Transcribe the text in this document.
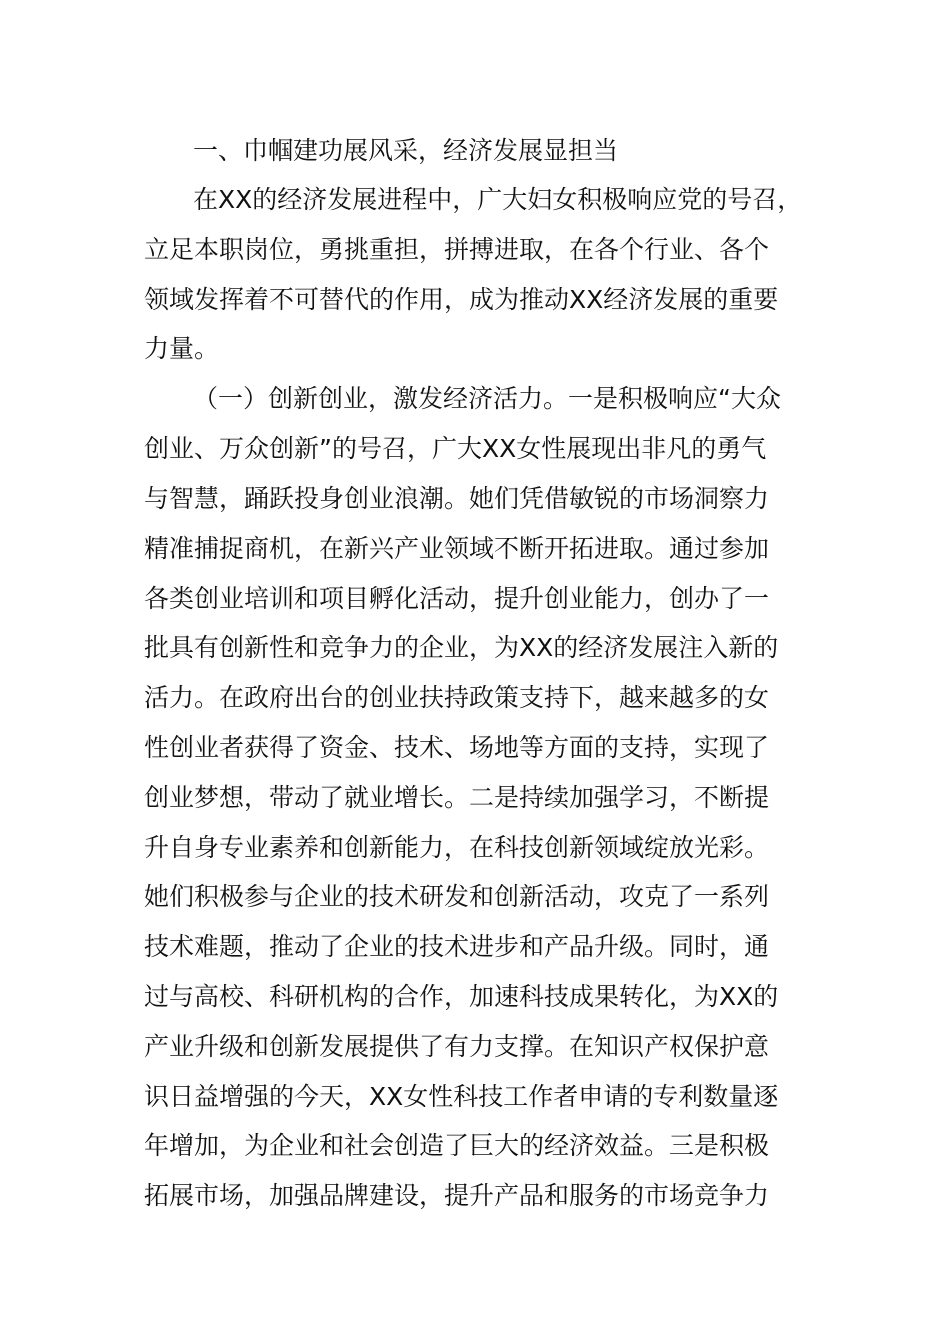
一、巾帼建功展风采，经济发展显担当
在XX的经济发展进程中，广大妇女积极响应党的号召，
立足本职岗位，勇挑重担，拼搏进取，在各个行业、各个
领域发挥着不可替代的作用，成为推动XX经济发展的重要
力量。
（一）创新创业，激发经济活力。一是积极响应“大众
创业、万众创新”的号召，广大XX女性展现出非凡的勇气
与智慧，踊跃投身创业浪潮。她们凭借敏锐的市场洞察力
精准捕捉商机，在新兴产业领域不断开拓进取。通过参加
各类创业培训和项目孵化活动，提升创业能力，创办了一
批具有创新性和竞争力的企业，为XX的经济发展注入新的
活力。在政府出台的创业扶持政策支持下，越来越多的女
性创业者获得了资金、技术、场地等方面的支持，实现了
创业梦想，带动了就业增长。二是持续加强学习，不断提
升自身专业素养和创新能力，在科技创新领域绽放光彩。
她们积极参与企业的技术研发和创新活动，攻克了一系列
技术难题，推动了企业的技术进步和产品升级。同时，通
过与高校、科研机构的合作，加速科技成果转化，为XX的
产业升级和创新发展提供了有力支撑。在知识产权保护意
识日益增强的今天，XX女性科技工作者申请的专利数量逐
年增加，为企业和社会创造了巨大的经济效益。三是积极
拓展市场，加强品牌建设，提升产品和服务的市场竞争力
